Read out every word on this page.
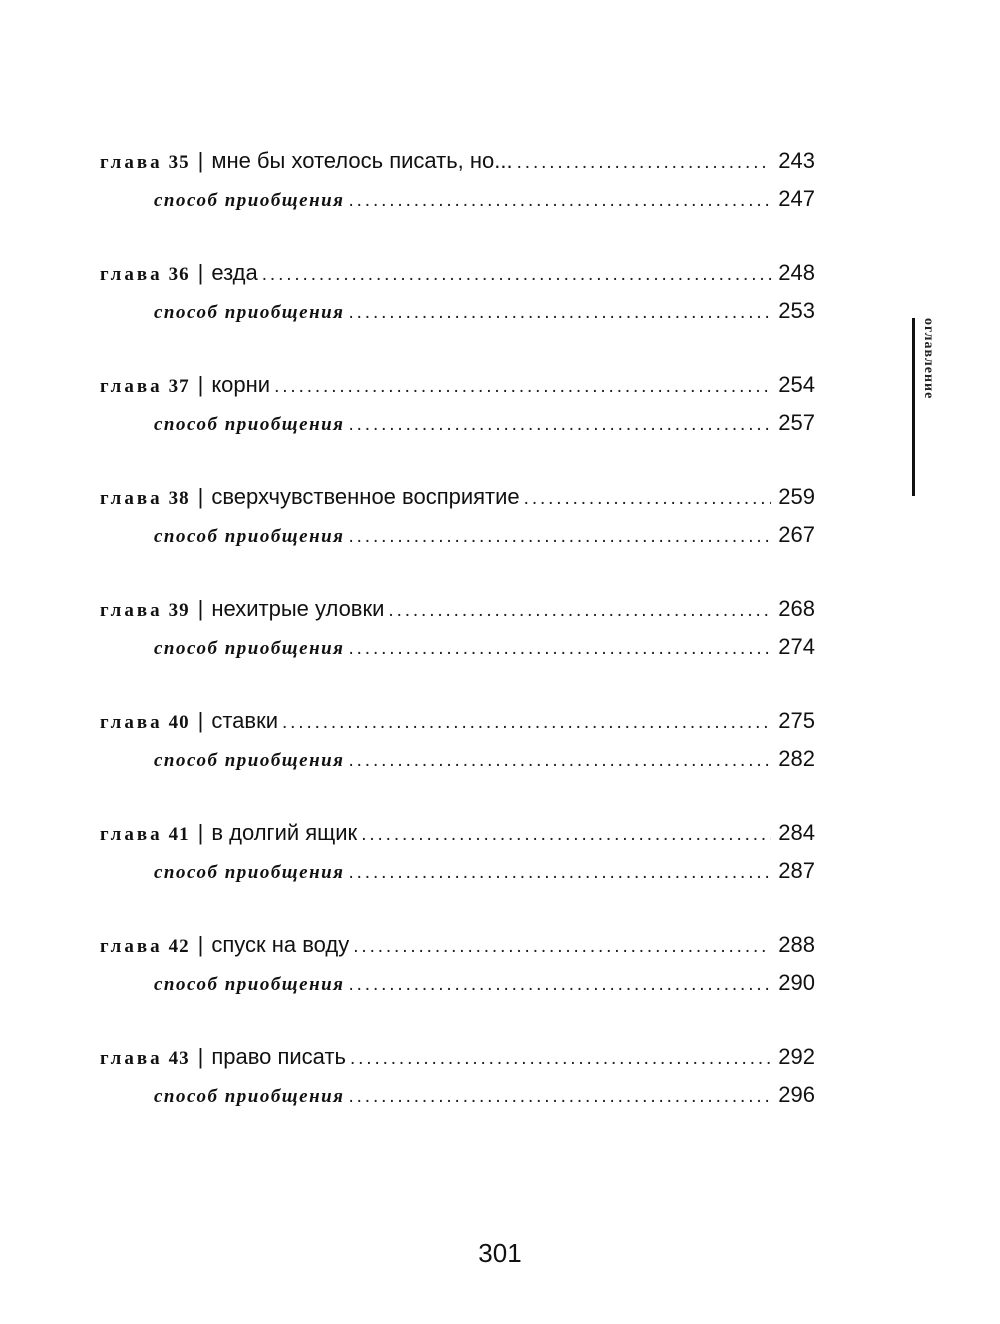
глава 35 | мне бы хотелось писать, но... . . .	243
способ приобщения . . .	247
глава 36 | езда . . .	248
способ приобщения . . .	253
глава 37 | корни . . .	254
способ приобщения . . .	257
глава 38 | сверхчувственное восприятие . . .	259
способ приобщения . . .	267
глава 39 | нехитрые уловки . . .	268
способ приобщения . . .	274
глава 40 | ставки . . .	275
способ приобщения . . .	282
глава 41 | в долгий ящик . . .	284
способ приобщения . . .	287
глава 42 | спуск на воду . . .	288
способ приобщения . . .	290
глава 43 | право писать . . .	292
способ приобщения . . .	296
оглавление
301
